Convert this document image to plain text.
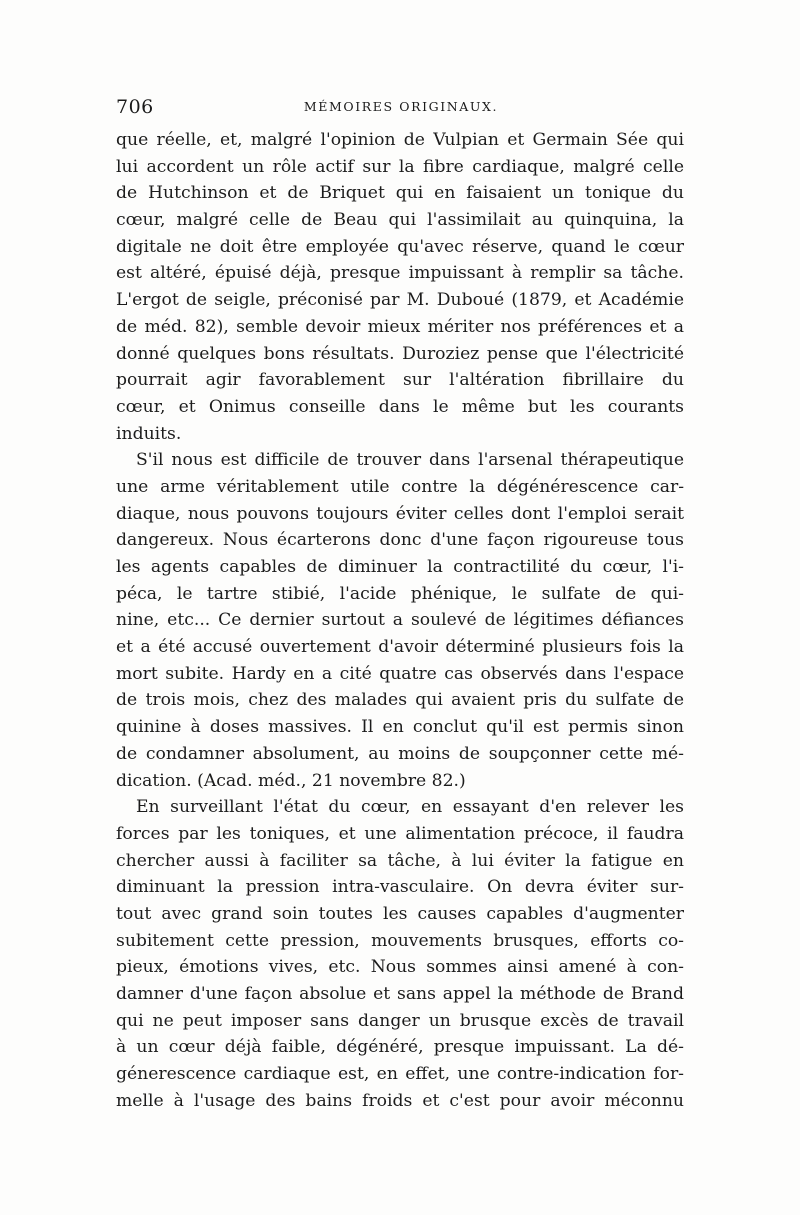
706	MÉMOIRES ORIGINAUX.
que réelle, et, malgré l'opinion de Vulpian et Germain Sée qui
lui accordent un rôle actif sur la fibre cardiaque, malgré celle
de Hutchinson et de Briquet qui en faisaient un tonique du
cœur, malgré celle de Beau qui l'assimilait au quinquina, la
digitale ne doit être employée qu'avec réserve, quand le cœur
est altéré, épuisé déjà, presque impuissant à remplir sa tâche.
L'ergot de seigle, préconisé par M. Duboué (1879, et Académie
de méd. 82), semble devoir mieux mériter nos préférences et a
donné quelques bons résultats. Duroziez pense que l'électricité
pourrait agir favorablement sur l'altération fibrillaire du
cœur, et Onimus conseille dans le même but les courants
induits.
S'il nous est difficile de trouver dans l'arsenal thérapeutique
une arme véritablement utile contre la dégénérescence car-
diaque, nous pouvons toujours éviter celles dont l'emploi serait
dangereux. Nous écarterons donc d'une façon rigoureuse tous
les agents capables de diminuer la contractilité du cœur, l'i-
péca, le tartre stibié, l'acide phénique, le sulfate de qui-
nine, etc... Ce dernier surtout a soulevé de légitimes défiances
et a été accusé ouvertement d'avoir déterminé plusieurs fois la
mort subite. Hardy en a cité quatre cas observés dans l'espace
de trois mois, chez des malades qui avaient pris du sulfate de
quinine à doses massives. Il en conclut qu'il est permis sinon
de condamner absolument, au moins de soupçonner cette mé-
dication. (Acad. méd., 21 novembre 82.)
En surveillant l'état du cœur, en essayant d'en relever les
forces par les toniques, et une alimentation précoce, il faudra
chercher aussi à faciliter sa tâche, à lui éviter la fatigue en
diminuant la pression intra-vasculaire. On devra éviter sur-
tout avec grand soin toutes les causes capables d'augmenter
subitement cette pression, mouvements brusques, efforts co-
pieux, émotions vives, etc. Nous sommes ainsi amené à con-
damner d'une façon absolue et sans appel la méthode de Brand
qui ne peut imposer sans danger un brusque excès de travail
à un cœur déjà faible, dégénéré, presque impuissant. La dé-
génerescence cardiaque est, en effet, une contre-indication for-
melle à l'usage des bains froids et c'est pour avoir méconnu
